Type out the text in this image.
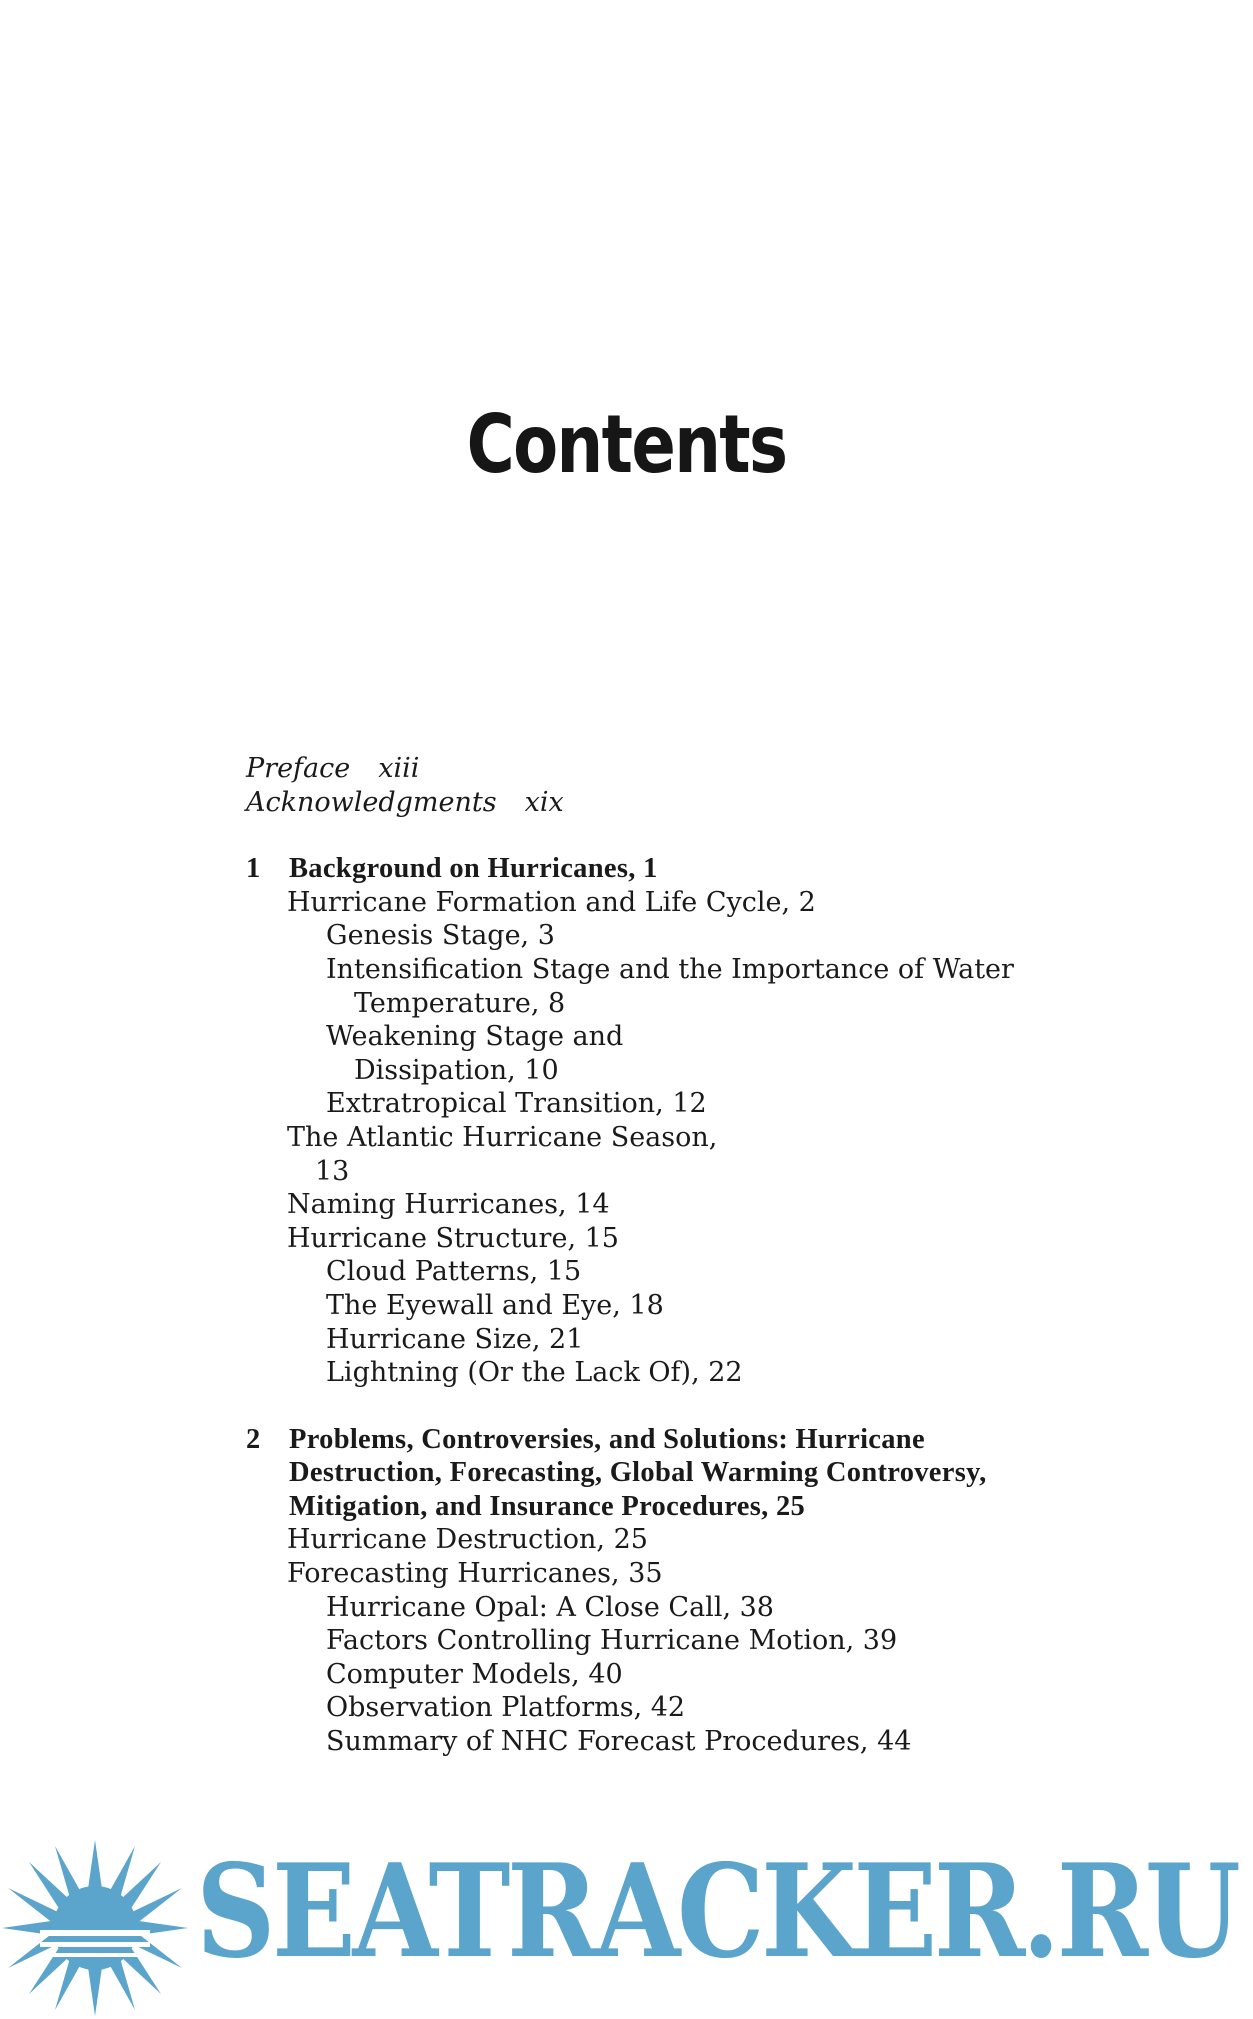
Contents
Preface xiii
Acknowledgments xix
1 Background on Hurricanes, 1
Hurricane Formation and Life Cycle, 2
Genesis Stage, 3
Intensification Stage and the Importance of Water
Temperature, 8
Weakening Stage and
Dissipation, 10
Extratropical Transition, 12
The Atlantic Hurricane Season,
13
Naming Hurricanes, 14
Hurricane Structure, 15
Cloud Patterns, 15
The Eyewall and Eye, 18
Hurricane Size, 21
Lightning (Or the Lack Of), 22
2 Problems, Controversies, and Solutions: Hurricane
Destruction, Forecasting, Global Warming Controversy,
Mitigation, and Insurance Procedures, 25
Hurricane Destruction, 25
Forecasting Hurricanes, 35
Hurricane Opal: A Close Call, 38
Factors Controlling Hurricane Motion, 39
Computer Models, 40
Observation Platforms, 42
Summary of NHC Forecast Procedures, 44
SEATRACKER.RU
